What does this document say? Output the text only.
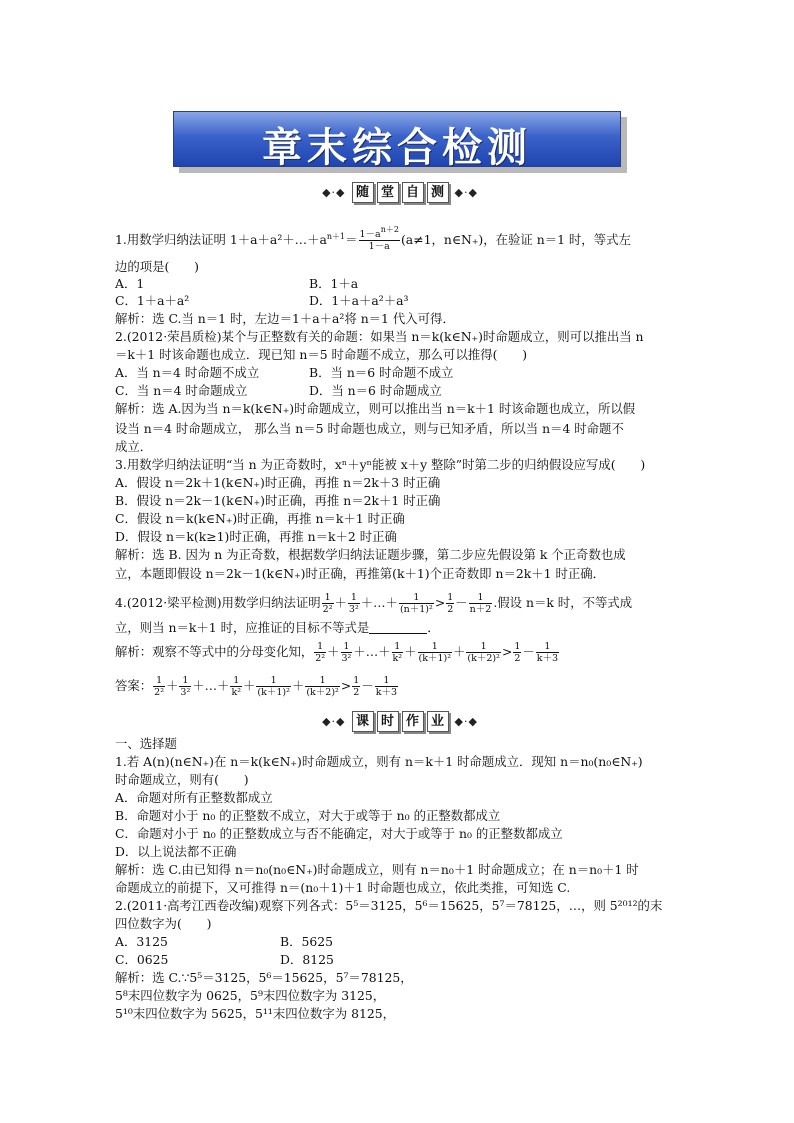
章末综合检测
◆·◆ 随 堂 自 测 ◆·◆
1.用数学归纳法证明 $1+a+a^2+\dots+a^{n+1}= \frac{1-a^{n+2}}{1-a} (a\ne 1$，n∈N₊)，在验证 n＝1 时，等式左
边的项是(　　)
A．1	B．1＋a
C．1＋a＋a²	D．1＋a＋a²＋a³
解析：选 C.当 n＝1 时，左边＝1＋a＋a²将 n＝1 代入可得．
2.(2012·荣昌质检)某个与正整数有关的命题：如果当 n＝k(k∈N₊)时命题成立，则可以推出当 n
＝k＋1 时该命题也成立．现已知 n＝5 时命题不成立，那么可以推得(　　)
A．当 n＝4 时命题不成立	B．当 n＝6 时命题不成立
C．当 n＝4 时命题成立	D．当 n＝6 时命题成立
解析：选 A.因为当 n＝k(k∈N₊)时命题成立，则可以推出当 n＝k＋1 时该命题也成立，所以假
设当 n＝4 时命题成立， 那么当 n＝5 时命题也成立，则与已知矛盾，所以当 n＝4 时命题不
成立．
3.用数学归纳法证明“当 n 为正奇数时，xⁿ＋yⁿ能被 x＋y 整除”时第二步的归纳假设应写成(　　)
A．假设 n＝2k＋1(k∈N₊)时正确，再推 n＝2k＋3 时正确
B．假设 n＝2k－1(k∈N₊)时正确，再推 n＝2k＋1 时正确
C．假设 n＝k(k∈N₊)时正确，再推 n＝k＋1 时正确
D．假设 n＝k(k≥1)时正确，再推 n＝k＋2 时正确
解析：选 B. 因为 n 为正奇数，根据数学归纳法证题步骤，第二步应先假设第 k 个正奇数也成
立，本题即假设 n＝2k－1(k∈N₊)时正确，再推第(k＋1)个正奇数即 n＝2k＋1 时正确．
4.(2012·梁平检测)用数学归纳法证明 $\frac{1}{\text{2²}} + \frac{1}{\text{3²}}$ ＋…＋ $\frac{1}{\text{(n＋1)²}} > \frac{1}{2} - \frac{1}{n+2}$ .假设 n＝k 时，不等式成
立，则当 n＝k＋1 时，应推证的目标不等式是	．
解析：观察不等式中的分母变化知， $\frac{1}{\text{2²}} + \frac{1}{\text{3²}}$ ＋…＋ $\frac{1}{\text{k²}} + \frac{1}{\text{(k＋1)²}} + \frac{1}{\text{(k＋2)²}} > \frac{1}{2} - \frac{1}{k+3}$
答案： $\frac{1}{\text{2²}} + \frac{1}{\text{3²}}$ ＋…＋ $\frac{1}{\text{k²}} + \frac{1}{\text{(k＋1)²}} + \frac{1}{\text{(k＋2)²}} > \frac{1}{2} - \frac{1}{k+3}$
◆·◆ 课 时 作 业 ◆·◆
一、选择题
1.若 A(n)(n∈N₊)在 n＝k(k∈N₊)时命题成立，则有 n＝k＋1 时命题成立．现知 n＝n₀(n₀∈N₊)
时命题成立，则有(　　)
A．命题对所有正整数都成立
B．命题对小于 n₀ 的正整数不成立，对大于或等于 n₀ 的正整数都成立
C．命题对小于 n₀ 的正整数成立与否不能确定，对大于或等于 n₀ 的正整数都成立
D．以上说法都不正确
解析：选 C.由已知得 n＝n₀(n₀∈N₊)时命题成立，则有 n＝n₀＋1 时命题成立；在 n＝n₀＋1 时
命题成立的前提下，又可推得 n＝(n₀＋1)＋1 时命题也成立，依此类推，可知选 C.
2.(2011·高考江西卷改编)观察下列各式：5⁵＝3125，5⁶＝15625，5⁷＝78125，…，则 5²⁰¹²的末
四位数字为(　　)
A．3125	B．5625
C．0625	D．8125
解析：选 C.∵5⁵＝3125，5⁶＝15625，5⁷＝78125，
5⁸末四位数字为 0625，5⁹末四位数字为 3125，
5¹⁰末四位数字为 5625，5¹¹末四位数字为 8125，
